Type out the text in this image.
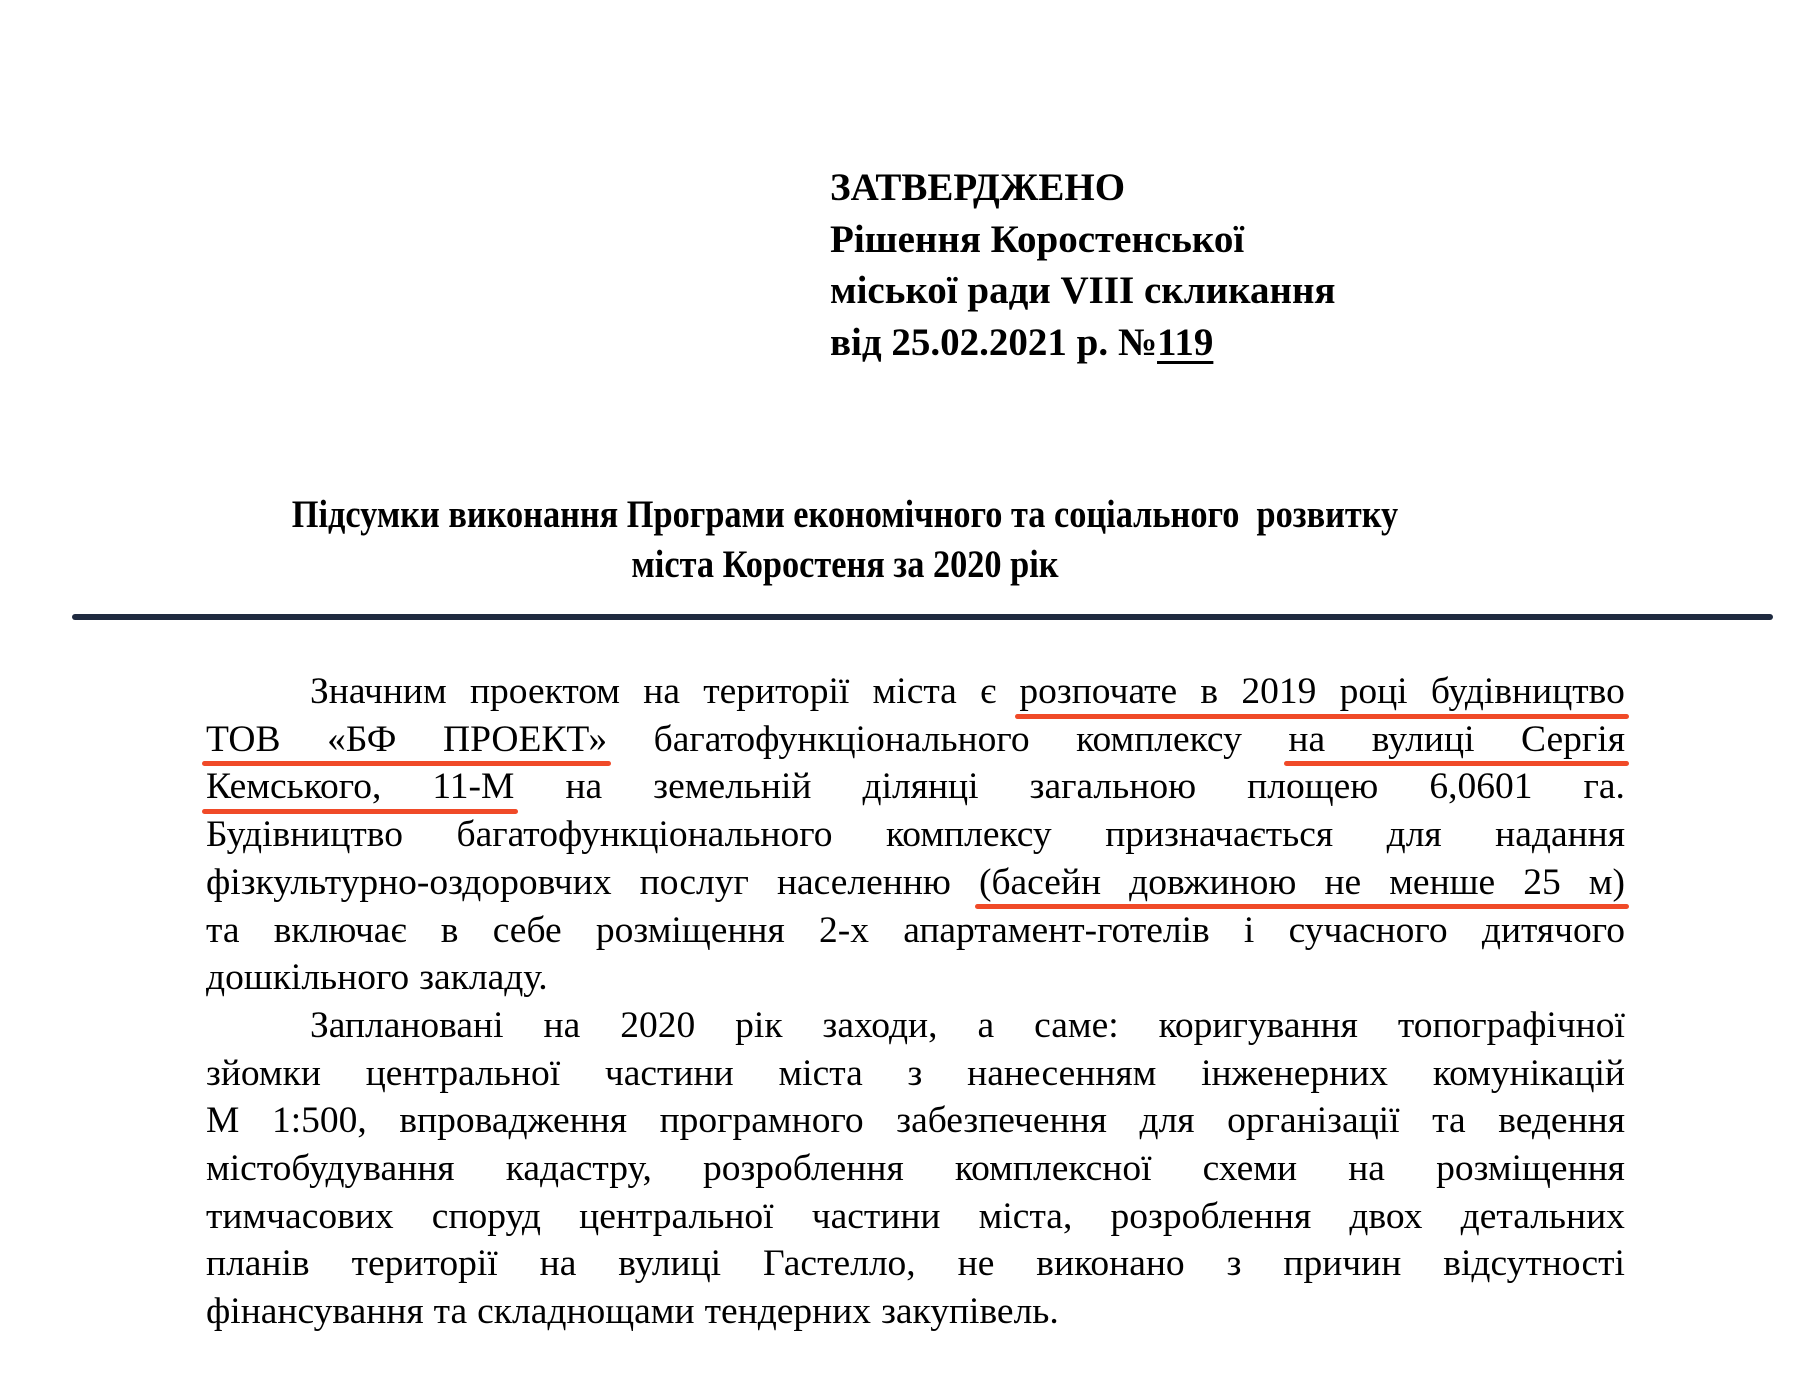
ЗАТВЕРДЖЕНО
Рішення Коростенської
міської ради VIII скликання
від 25.02.2021 р. №119
Підсумки виконання Програми економічного та соціального  розвитку
міста Коростеня за 2020 рік
Значним проектом на території міста є розпочате в 2019 році будівництво
ТОВ «БФ ПРОЕКТ» багатофункціонального комплексу на вулиці Сергія
Кемського, 11-М на земельній ділянці загальною площею 6,0601 га.
Будівництво багатофункціонального комплексу призначається для надання
фізкультурно-оздоровчих послуг населенню (басейн довжиною не менше 25 м)
та включає в себе розміщення 2-х апартамент-готелів і сучасного дитячого
дошкільного закладу.
Заплановані на 2020 рік заходи, а саме: коригування топографічної
зйомки центральної частини міста з нанесенням інженерних комунікацій
М 1:500, впровадження програмного забезпечення для організації та ведення
містобудування кадастру, розроблення комплексної схеми на розміщення
тимчасових споруд центральної частини міста, розроблення двох детальних
планів території на вулиці Гастелло, не виконано з причин відсутності
фінансування та складнощами тендерних закупівель.
